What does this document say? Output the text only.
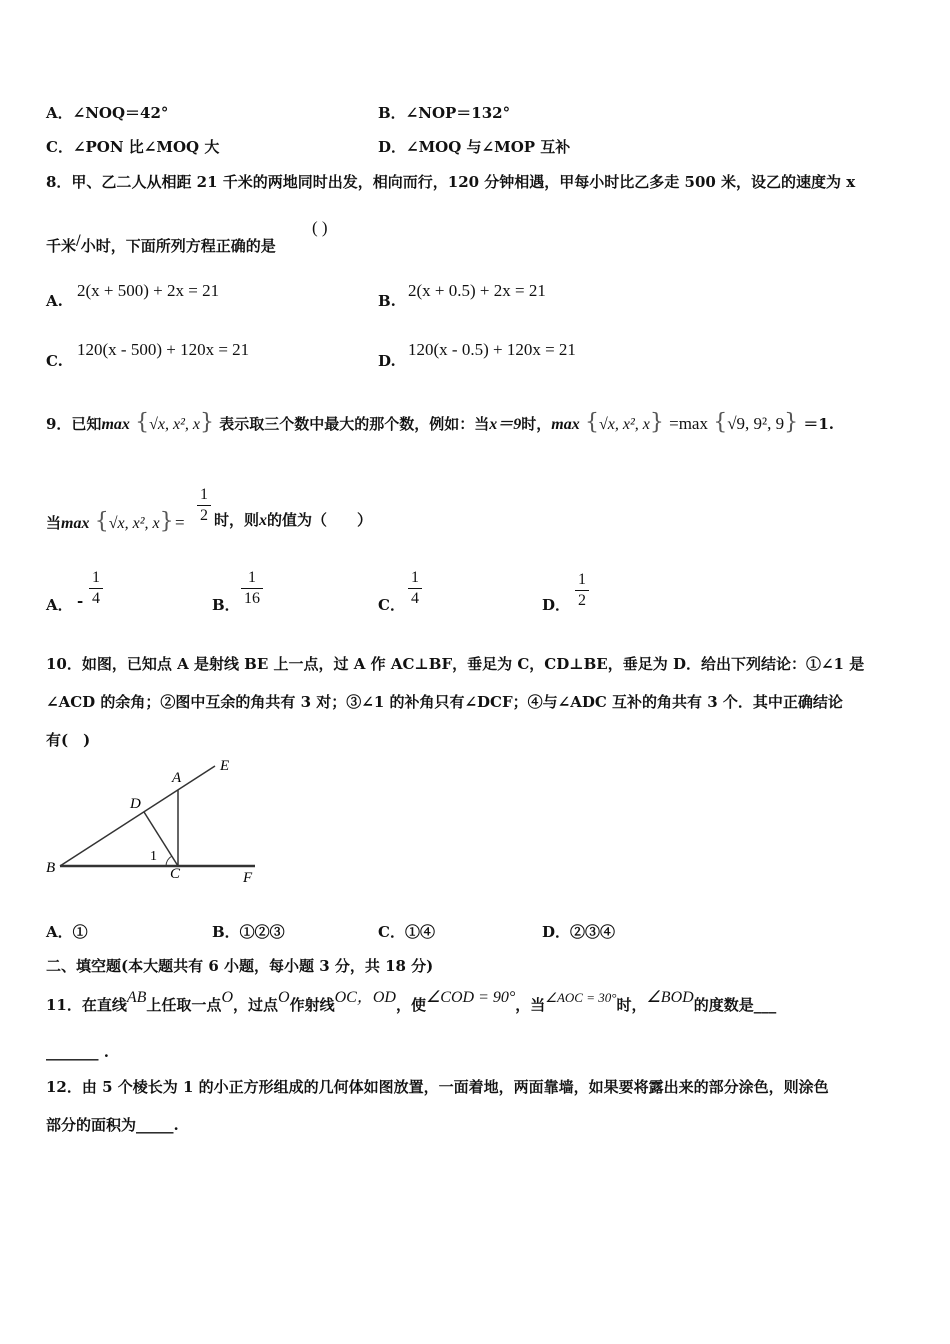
A．∠NOQ＝42°	B．∠NOP＝132°
C．∠PON 比∠MOQ 大	D．∠MOQ 与∠MOP 互补
8．甲、乙二人从相距 21 千米的两地同时出发，相向而行，120 分钟相遇，甲每小时比乙多走 500 米，设乙的速度为 x
千米/小时，下面所列方程正确的是
( )
A.
2(x + 500) + 2x = 21
B.
2(x + 0.5) + 2x = 21
C.
120(x - 500) + 120x = 21
D.
120(x - 0.5) + 120x = 21
9．已知max {√x, x², x} 表示取三个数中最大的那个数，例如：当x＝9时，max {√x, x², x} =max {√9, 9², 9} ＝1.
当max {√x, x², x} =
1
2 时，则x的值为（　　）
A． -
1
4	B．
1
16	C．
1
4	D．
1
2
10．如图，已知点 A 是射线 BE 上一点，过 A 作 AC⊥BF，垂足为 C，CD⊥BE，垂足为 D．给出下列结论：①∠1 是
∠ACD 的余角；②图中互余的角共有 3 对；③∠1 的补角只有∠DCF；④与∠ADC 互补的角共有 3 个．其中正确结论
有(　)
A
B	C
D
E
F
1
A．①	B．①②③	C．①④	D．②③④
二、填空题(本大题共有 6 小题，每小题 3 分，共 18 分)
11．在直线AB上任取一点O，过点O作射线OC，OD，使∠COD = 90°，当∠AOC = 30°时，∠BOD的度数是___
_______ .
12．由 5 个棱长为 1 的小正方形组成的几何体如图放置，一面着地，两面靠墙，如果要将露出来的部分涂色，则涂色
部分的面积为_____.
